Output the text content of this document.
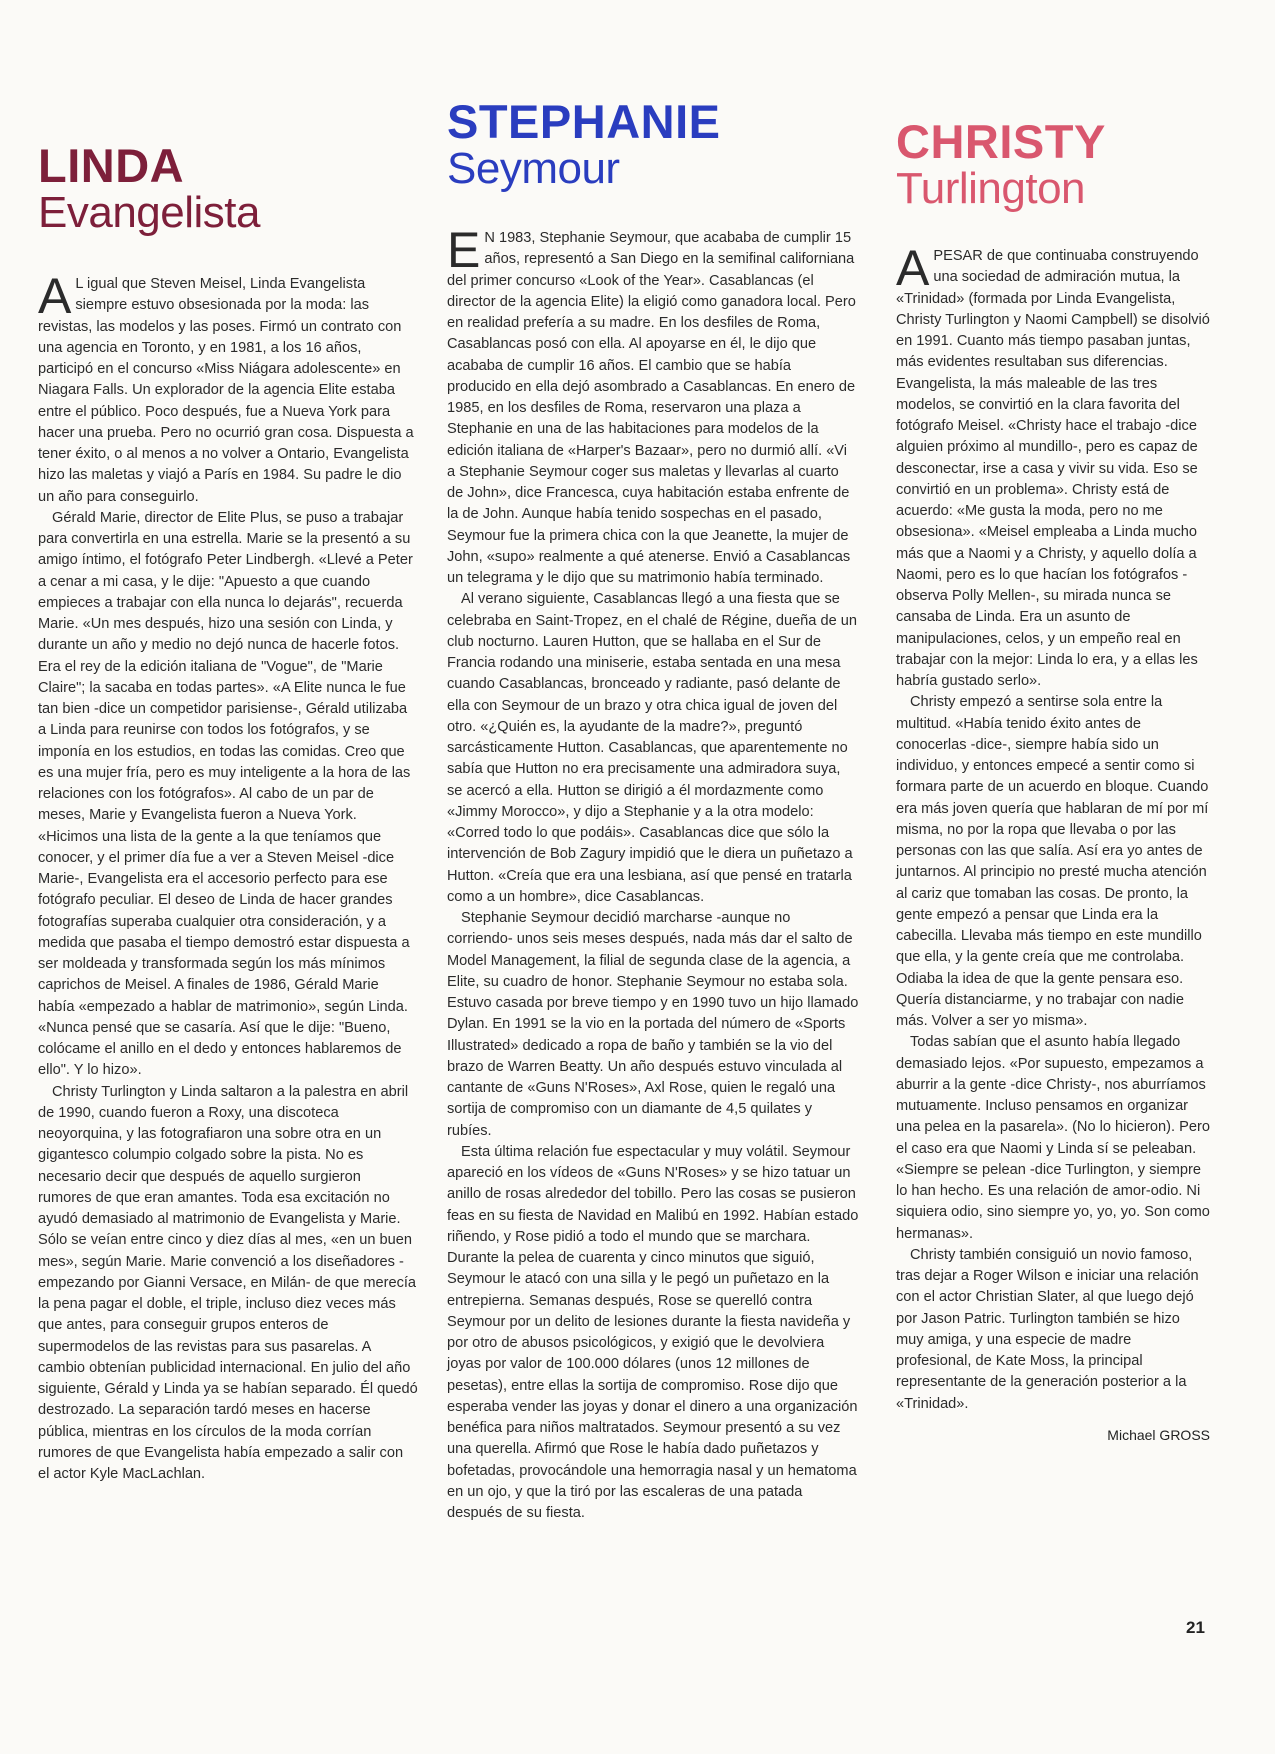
LINDA
Evangelista

A L igual que Steven Meisel, Linda Evangelista siempre estuvo obsesionada por la moda: las revistas, las modelos y las poses. Firmó un contrato con una agencia en Toronto, y en 1981, a los 16 años, participó en el concurso «Miss Niágara adolescente» en Niagara Falls. Un explorador de la agencia Elite estaba entre el público. Poco después, fue a Nueva York para hacer una prueba. Pero no ocurrió gran cosa. Dispuesta a tener éxito, o al menos a no volver a Ontario, Evangelista hizo las maletas y viajó a París en 1984. Su padre le dio un año para conseguirlo.

Gérald Marie, director de Elite Plus, se puso a trabajar para convertirla en una estrella. Marie se la presentó a su amigo íntimo, el fotógrafo Peter Lindbergh. «Llevé a Peter a cenar a mi casa, y le dije: "Apuesto a que cuando empieces a trabajar con ella nunca lo dejarás", recuerda Marie. «Un mes después, hizo una sesión con Linda, y durante un año y medio no dejó nunca de hacerle fotos. Era el rey de la edición italiana de "Vogue", de "Marie Claire"; la sacaba en todas partes». «A Elite nunca le fue tan bien -dice un competidor parisiense-, Gérald utilizaba a Linda para reunirse con todos los fotógrafos, y se imponía en los estudios, en todas las comidas. Creo que es una mujer fría, pero es muy inteligente a la hora de las relaciones con los fotógrafos». Al cabo de un par de meses, Marie y Evangelista fueron a Nueva York. «Hicimos una lista de la gente a la que teníamos que conocer, y el primer día fue a ver a Steven Meisel -dice Marie-, Evangelista era el accesorio perfecto para ese fotógrafo peculiar. El deseo de Linda de hacer grandes fotografías superaba cualquier otra consideración, y a medida que pasaba el tiempo demostró estar dispuesta a ser moldeada y transformada según los más mínimos caprichos de Meisel. A finales de 1986, Gérald Marie había «empezado a hablar de matrimonio», según Linda. «Nunca pensé que se casaría. Así que le dije: "Bueno, colócame el anillo en el dedo y entonces hablaremos de ello". Y lo hizo».

Christy Turlington y Linda saltaron a la palestra en abril de 1990, cuando fueron a Roxy, una discoteca neoyorquina, y las fotografiaron una sobre otra en un gigantesco columpio colgado sobre la pista. No es necesario decir que después de aquello surgieron rumores de que eran amantes. Toda esa excitación no ayudó demasiado al matrimonio de Evangelista y Marie. Sólo se veían entre cinco y diez días al mes, «en un buen mes», según Marie. Marie convenció a los diseñadores -empezando por Gianni Versace, en Milán- de que merecía la pena pagar el doble, el triple, incluso diez veces más que antes, para conseguir grupos enteros de supermodelos de las revistas para sus pasarelas. A cambio obtenían publicidad internacional. En julio del año siguiente, Gérald y Linda ya se habían separado. Él quedó destrozado. La separación tardó meses en hacerse pública, mientras en los círculos de la moda corrían rumores de que Evangelista había empezado a salir con el actor Kyle MacLachlan.

STEPHANIE
Seymour

E N 1983, Stephanie Seymour, que acababa de cumplir 15 años, representó a San Diego en la semifinal californiana del primer concurso «Look of the Year». Casablancas (el director de la agencia Elite) la eligió como ganadora local. Pero en realidad prefería a su madre. En los desfiles de Roma, Casablancas posó con ella. Al apoyarse en él, le dijo que acababa de cumplir 16 años. El cambio que se había producido en ella dejó asombrado a Casablancas. En enero de 1985, en los desfiles de Roma, reservaron una plaza a Stephanie en una de las habitaciones para modelos de la edición italiana de «Harper's Bazaar», pero no durmió allí. «Vi a Stephanie Seymour coger sus maletas y llevarlas al cuarto de John», dice Francesca, cuya habitación estaba enfrente de la de John. Aunque había tenido sospechas en el pasado, Seymour fue la primera chica con la que Jeanette, la mujer de John, «supo» realmente a qué atenerse. Envió a Casablancas un telegrama y le dijo que su matrimonio había terminado.

Al verano siguiente, Casablancas llegó a una fiesta que se celebraba en Saint-Tropez, en el chalé de Régine, dueña de un club nocturno. Lauren Hutton, que se hallaba en el Sur de Francia rodando una miniserie, estaba sentada en una mesa cuando Casablancas, bronceado y radiante, pasó delante de ella con Seymour de un brazo y otra chica igual de joven del otro. «¿Quién es, la ayudante de la madre?», preguntó sarcásticamente Hutton. Casablancas, que aparentemente no sabía que Hutton no era precisamente una admiradora suya, se acercó a ella. Hutton se dirigió a él mordazmente como «Jimmy Morocco», y dijo a Stephanie y a la otra modelo: «Corred todo lo que podáis». Casablancas dice que sólo la intervención de Bob Zagury impidió que le diera un puñetazo a Hutton. «Creía que era una lesbiana, así que pensé en tratarla como a un hombre», dice Casablancas.

Stephanie Seymour decidió marcharse -aunque no corriendo- unos seis meses después, nada más dar el salto de Model Management, la filial de segunda clase de la agencia, a Elite, su cuadro de honor. Stephanie Seymour no estaba sola. Estuvo casada por breve tiempo y en 1990 tuvo un hijo llamado Dylan. En 1991 se la vio en la portada del número de «Sports Illustrated» dedicado a ropa de baño y también se la vio del brazo de Warren Beatty. Un año después estuvo vinculada al cantante de «Guns N'Roses», Axl Rose, quien le regaló una sortija de compromiso con un diamante de 4,5 quilates y rubíes.

Esta última relación fue espectacular y muy volátil. Seymour apareció en los vídeos de «Guns N'Roses» y se hizo tatuar un anillo de rosas alrededor del tobillo. Pero las cosas se pusieron feas en su fiesta de Navidad en Malibú en 1992. Habían estado riñendo, y Rose pidió a todo el mundo que se marchara. Durante la pelea de cuarenta y cinco minutos que siguió, Seymour le atacó con una silla y le pegó un puñetazo en la entrepierna. Semanas después, Rose se querelló contra Seymour por un delito de lesiones durante la fiesta navideña y por otro de abusos psicológicos, y exigió que le devolviera joyas por valor de 100.000 dólares (unos 12 millones de pesetas), entre ellas la sortija de compromiso. Rose dijo que esperaba vender las joyas y donar el dinero a una organización benéfica para niños maltratados. Seymour presentó a su vez una querella. Afirmó que Rose le había dado puñetazos y bofetadas, provocándole una hemorragia nasal y un hematoma en un ojo, y que la tiró por las escaleras de una patada después de su fiesta.

CHRISTY
Turlington

APESAR de que continuaba construyendo una sociedad de admiración mutua, la «Trinidad» (formada por Linda Evangelista, Christy Turlington y Naomi Campbell) se disolvió en 1991. Cuanto más tiempo pasaban juntas, más evidentes resultaban sus diferencias. Evangelista, la más maleable de las tres modelos, se convirtió en la clara favorita del fotógrafo Meisel. «Christy hace el trabajo -dice alguien próximo al mundillo-, pero es capaz de desconectar, irse a casa y vivir su vida. Eso se convirtió en un problema». Christy está de acuerdo: «Me gusta la moda, pero no me obsesiona». «Meisel empleaba a Linda mucho más que a Naomi y a Christy, y aquello dolía a Naomi, pero es lo que hacían los fotógrafos -observa Polly Mellen-, su mirada nunca se cansaba de Linda. Era un asunto de manipulaciones, celos, y un empeño real en trabajar con la mejor: Linda lo era, y a ellas les habría gustado serlo».

Christy empezó a sentirse sola entre la multitud. «Había tenido éxito antes de conocerlas -dice-, siempre había sido un individuo, y entonces empecé a sentir como si formara parte de un acuerdo en bloque. Cuando era más joven quería que hablaran de mí por mí misma, no por la ropa que llevaba o por las personas con las que salía. Así era yo antes de juntarnos. Al principio no presté mucha atención al cariz que tomaban las cosas. De pronto, la gente empezó a pensar que Linda era la cabecilla. Llevaba más tiempo en este mundillo que ella, y la gente creía que me controlaba. Odiaba la idea de que la gente pensara eso. Quería distanciarme, y no trabajar con nadie más. Volver a ser yo misma».

Todas sabían que el asunto había llegado demasiado lejos. «Por supuesto, empezamos a aburrir a la gente -dice Christy-, nos aburríamos mutuamente. Incluso pensamos en organizar una pelea en la pasarela». (No lo hicieron). Pero el caso era que Naomi y Linda sí se peleaban. «Siempre se pelean -dice Turlington, y siempre lo han hecho. Es una relación de amor-odio. Ni siquiera odio, sino siempre yo, yo, yo. Son como hermanas».

Christy también consiguió un novio famoso, tras dejar a Roger Wilson e iniciar una relación con el actor Christian Slater, al que luego dejó por Jason Patric. Turlington también se hizo muy amiga, y una especie de madre profesional, de Kate Moss, la principal representante de la generación posterior a la «Trinidad».

Michael GROSS
21
